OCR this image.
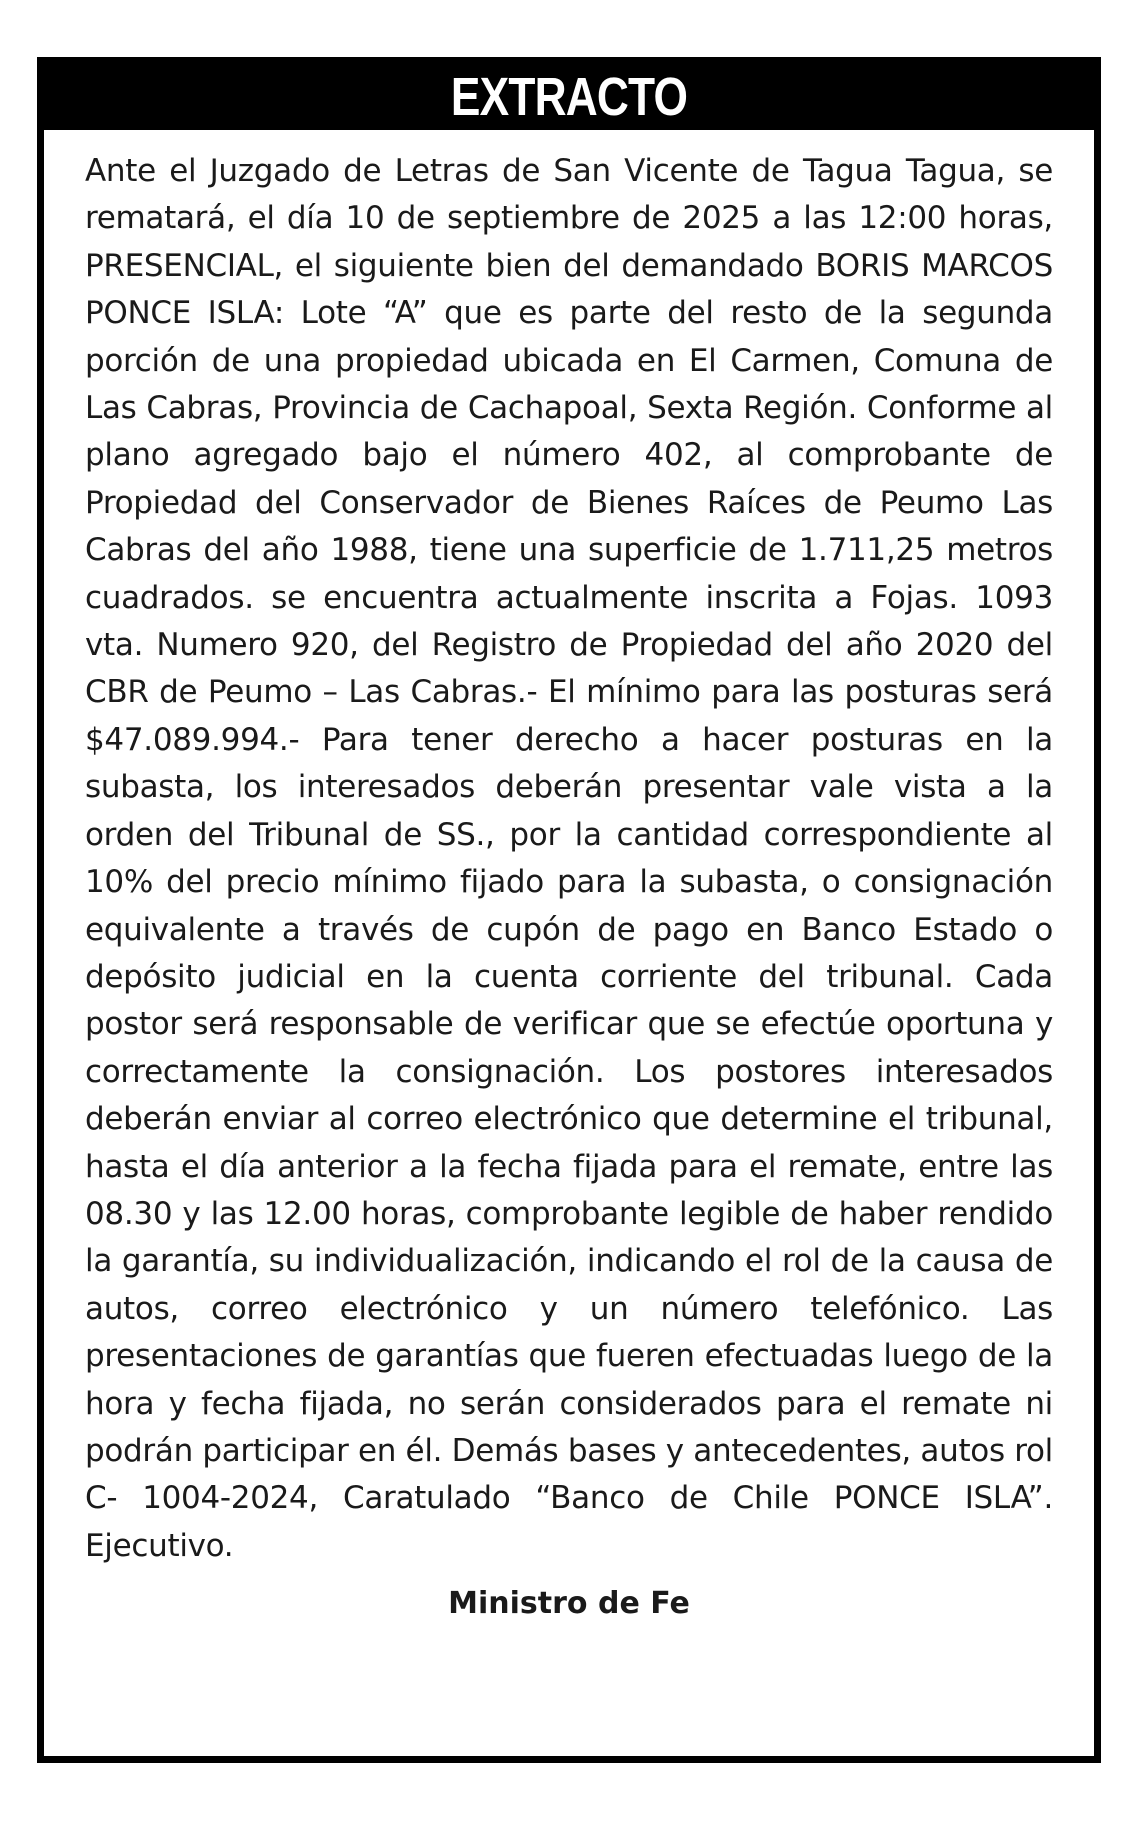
EXTRACTO

Ante el Juzgado de Letras de San Vicente de Tagua Tagua, se rematará, el día 10 de septiembre de 2025 a las 12:00 horas, PRESENCIAL, el siguiente bien del demandado BORIS MARCOS PONCE ISLA: Lote “A” que es parte del resto de la segunda porción de una propiedad ubicada en El Carmen, Comuna de Las Cabras, Provincia de Cachapoal, Sexta Región. Conforme al plano agregado bajo el número 402, al comprobante de Propiedad del Conservador de Bienes Raíces de Peumo Las Cabras del año 1988, tiene una superficie de 1.711,25 metros cuadrados. se encuentra actualmente inscrita a Fojas. 1093 vta. Numero 920, del Registro de Propiedad del año 2020 del CBR de Peumo – Las Cabras.- El mínimo para las posturas será $47.089.994.- Para tener derecho a hacer posturas en la subasta, los interesados deberán presentar vale vista a la orden del Tribunal de SS., por la cantidad correspondiente al 10% del precio mínimo fijado para la subasta, o consignación equivalente a través de cupón de pago en Banco Estado o depósito judicial en la cuenta corriente del tribunal. Cada postor será responsable de verificar que se efectúe oportuna y correctamente la consignación. Los postores interesados deberán enviar al correo electrónico que determine el tribunal, hasta el día anterior a la fecha fijada para el remate, entre las 08.30 y las 12.00 horas, comprobante legible de haber rendido la garantía, su individualización, indicando el rol de la causa de autos, correo electrónico y un número telefónico. Las presentaciones de garantías que fueren efectuadas luego de la hora y fecha fijada, no serán considerados para el remate ni podrán participar en él. Demás bases y antecedentes, autos rol C- 1004-2024, Caratulado “Banco de Chile PONCE ISLA”. Ejecutivo.

Ministro de Fe
